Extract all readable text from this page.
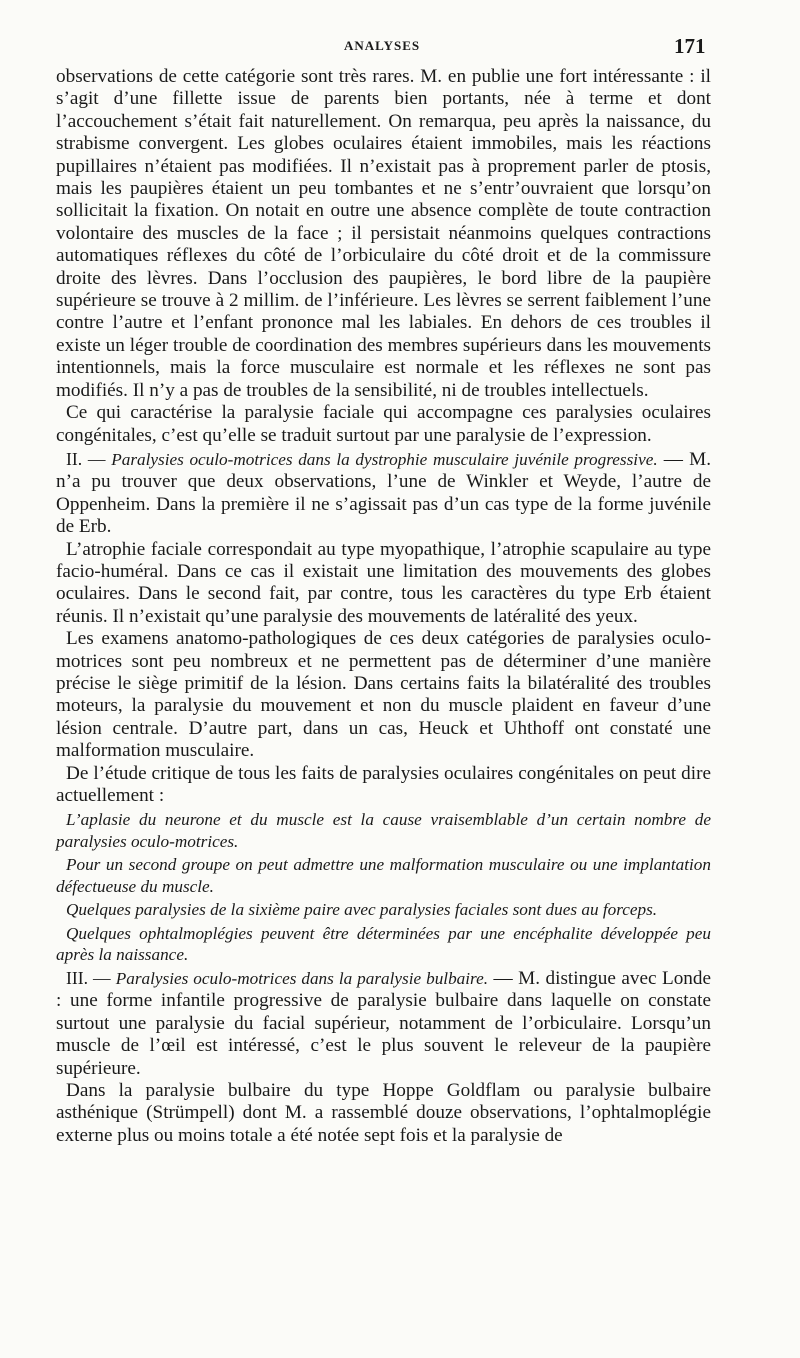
ANALYSES	171

observations de cette catégorie sont très rares. M. en publie une fort intéressante : il s’agit d’une fillette issue de parents bien portants, née à terme et dont l’accouchement s’était fait naturellement. On remarqua, peu après la naissance, du strabisme convergent. Les globes oculaires étaient immobiles, mais les réactions pupillaires n’étaient pas modifiées. Il n’existait pas à proprement parler de ptosis, mais les paupières étaient un peu tombantes et ne s’entr’ouvraient que lorsqu’on sollicitait la fixation. On notait en outre une absence complète de toute contraction volontaire des muscles de la face ; il persistait néanmoins quelques contractions automatiques réflexes du côté de l’orbiculaire du côté droit et de la commissure droite des lèvres. Dans l’occlusion des paupières, le bord libre de la paupière supérieure se trouve à 2 millim. de l’inférieure. Les lèvres se serrent faiblement l’une contre l’autre et l’enfant prononce mal les labiales. En dehors de ces troubles il existe un léger trouble de coordination des membres supérieurs dans les mouvements intentionnels, mais la force musculaire est normale et les réflexes ne sont pas modifiés. Il n’y a pas de troubles de la sensibilité, ni de troubles intellectuels.

Ce qui caractérise la paralysie faciale qui accompagne ces paralysies oculaires congénitales, c’est qu’elle se traduit surtout par une paralysie de l’expression.

II. — Paralysies oculo-motrices dans la dystrophie musculaire juvénile progressive. — M. n’a pu trouver que deux observations, l’une de Winkler et Weyde, l’autre de Oppenheim. Dans la première il ne s’agissait pas d’un cas type de la forme juvénile de Erb.

L’atrophie faciale correspondait au type myopathique, l’atrophie scapulaire au type facio-huméral. Dans ce cas il existait une limitation des mouvements des globes oculaires. Dans le second fait, par contre, tous les caractères du type Erb étaient réunis. Il n’existait qu’une paralysie des mouvements de latéralité des yeux.

Les examens anatomo-pathologiques de ces deux catégories de paralysies oculo-motrices sont peu nombreux et ne permettent pas de déterminer d’une manière précise le siège primitif de la lésion. Dans certains faits la bilatéralité des troubles moteurs, la paralysie du mouvement et non du muscle plaident en faveur d’une lésion centrale. D’autre part, dans un cas, Heuck et Uhthoff ont constaté une malformation musculaire.

De l’étude critique de tous les faits de paralysies oculaires congénitales on peut dire actuellement :

L’aplasie du neurone et du muscle est la cause vraisemblable d’un certain nombre de paralysies oculo-motrices.

Pour un second groupe on peut admettre une malformation musculaire ou une implantation défectueuse du muscle.

Quelques paralysies de la sixième paire avec paralysies faciales sont dues au forceps.

Quelques ophtalmoplégies peuvent être déterminées par une encéphalite développée peu après la naissance.

III. — Paralysies oculo-motrices dans la paralysie bulbaire. — M. distingue avec Londe : une forme infantile progressive de paralysie bulbaire dans laquelle on constate surtout une paralysie du facial supérieur, notamment de l’orbiculaire. Lorsqu’un muscle de l’œil est intéressé, c’est le plus souvent le releveur de la paupière supérieure.

Dans la paralysie bulbaire du type Hoppe Goldflam ou paralysie bulbaire asthénique (Strümpell) dont M. a rassemblé douze observations, l’ophtalmoplégie externe plus ou moins totale a été notée sept fois et la paralysie de
